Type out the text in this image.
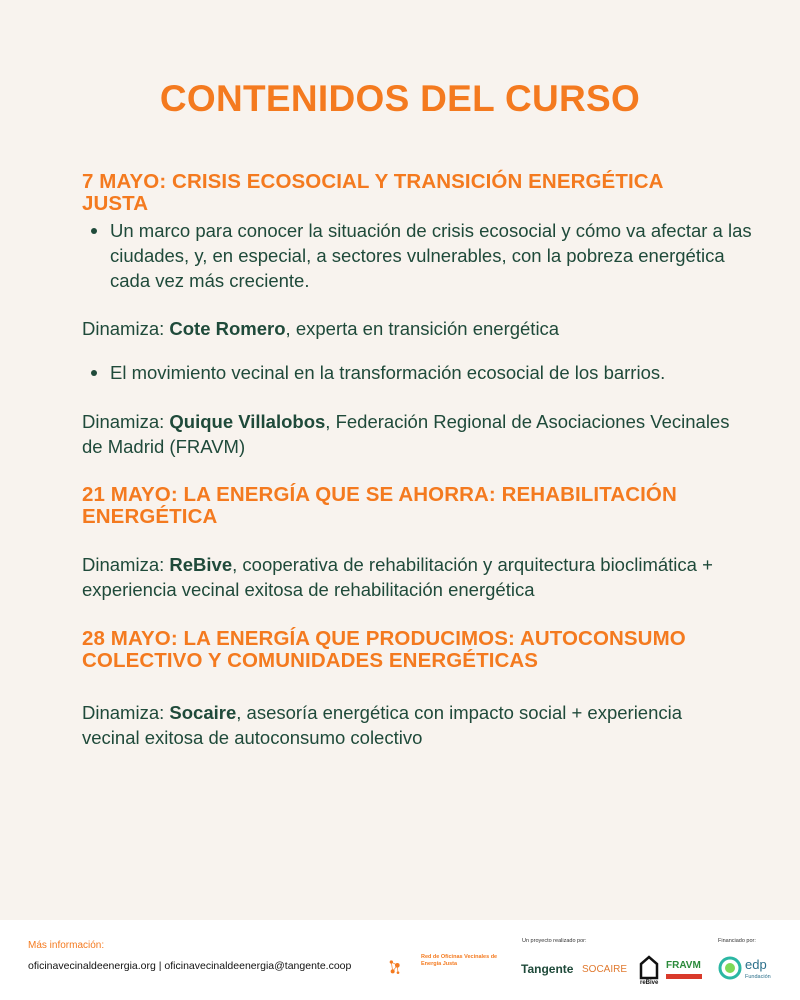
CONTENIDOS DEL CURSO
7 MAYO: CRISIS ECOSOCIAL Y TRANSICIÓN ENERGÉTICA JUSTA
Un marco para conocer la situación de crisis ecosocial y cómo va afectar a las ciudades, y, en especial, a sectores vulnerables, con la pobreza energética cada vez más creciente.

Dinamiza: Cote Romero, experta en transición energética

El movimiento vecinal en la transformación ecosocial de los barrios.

Dinamiza: Quique Villalobos, Federación Regional de Asociaciones Vecinales de Madrid (FRAVM)

21 MAYO: LA ENERGÍA QUE SE AHORRA: REHABILITACIÓN ENERGÉTICA

Dinamiza: ReBive, cooperativa de rehabilitación y arquitectura bioclimática + experiencia vecinal exitosa de rehabilitación energética

28 MAYO: LA ENERGÍA QUE PRODUCIMOS: AUTOCONSUMO COLECTIVO Y COMUNIDADES ENERGÉTICAS

Dinamiza: Socaire, asesoría energética con impacto social + experiencia vecinal exitosa de autoconsumo colectivo

Más información:
oficinavecinaldeenergia.org | oficinavecinaldeenergia@tangente.coop
Red de Oficinas Vecinales de Energía Justa
Un proyecto realizado por:
Tangente SOCAIRE
reBive
FRAVM
Financiado por:
edp
Fundación
